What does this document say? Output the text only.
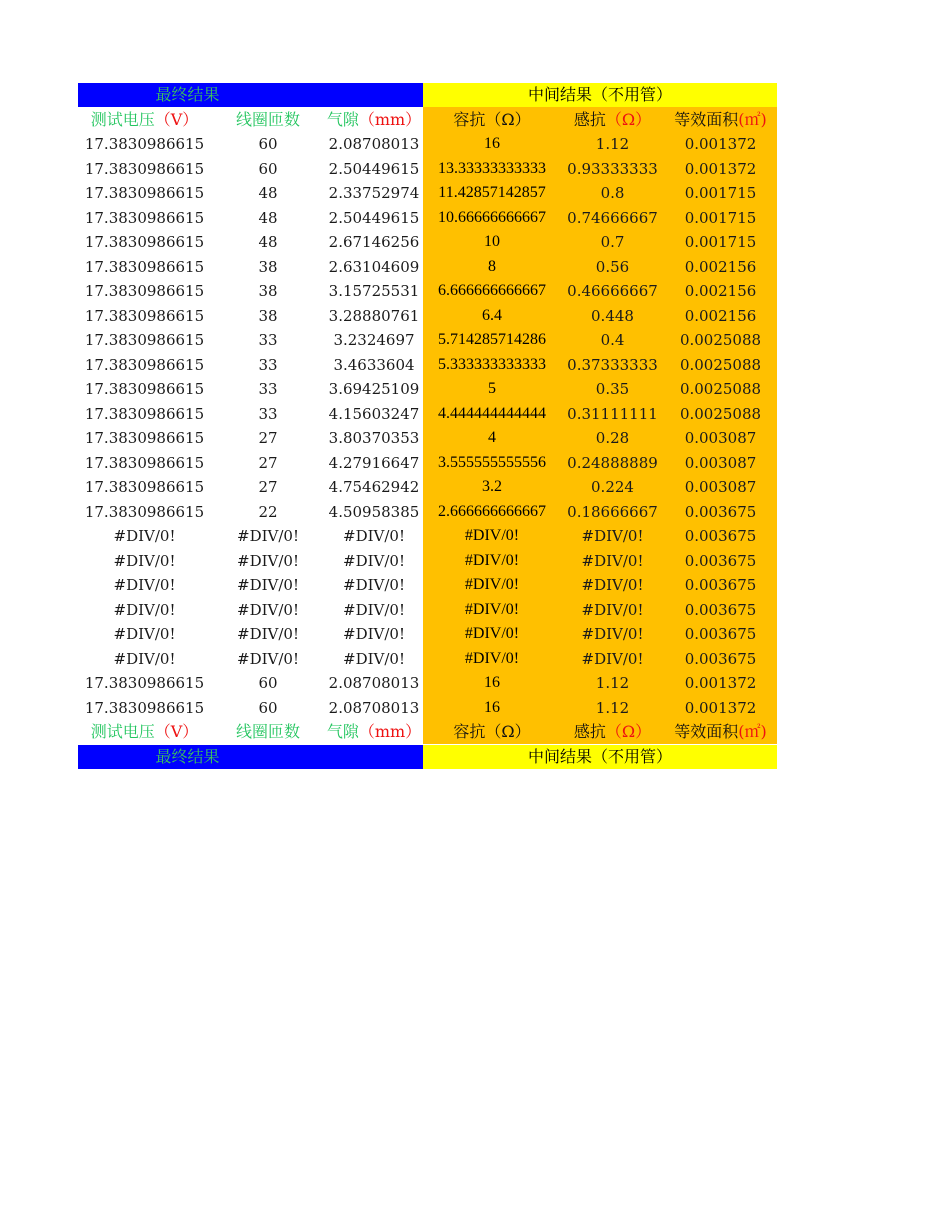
最终结果	中间结果（不用管）
测试电压（V）	线圈匝数	气隙（mm）	容抗（Ω）	感抗（Ω）	等效面积(㎡)
17.3830986615	60	2.08708013	16	1.12	0.001372
17.3830986615	60	2.50449615	13.33333333333	0.93333333	0.001372
17.3830986615	48	2.33752974	11.42857142857	0.8	0.001715
17.3830986615	48	2.50449615	10.66666666667	0.74666667	0.001715
17.3830986615	48	2.67146256	10	0.7	0.001715
17.3830986615	38	2.63104609	8	0.56	0.002156
17.3830986615	38	3.15725531	6.666666666667	0.46666667	0.002156
17.3830986615	38	3.28880761	6.4	0.448	0.002156
17.3830986615	33	3.2324697	5.714285714286	0.4	0.0025088
17.3830986615	33	3.4633604	5.333333333333	0.37333333	0.0025088
17.3830986615	33	3.69425109	5	0.35	0.0025088
17.3830986615	33	4.15603247	4.444444444444	0.31111111	0.0025088
17.3830986615	27	3.80370353	4	0.28	0.003087
17.3830986615	27	4.27916647	3.555555555556	0.24888889	0.003087
17.3830986615	27	4.75462942	3.2	0.224	0.003087
17.3830986615	22	4.50958385	2.666666666667	0.18666667	0.003675
#DIV/0!	#DIV/0!	#DIV/0!	#DIV/0!	#DIV/0!	0.003675
#DIV/0!	#DIV/0!	#DIV/0!	#DIV/0!	#DIV/0!	0.003675
#DIV/0!	#DIV/0!	#DIV/0!	#DIV/0!	#DIV/0!	0.003675
#DIV/0!	#DIV/0!	#DIV/0!	#DIV/0!	#DIV/0!	0.003675
#DIV/0!	#DIV/0!	#DIV/0!	#DIV/0!	#DIV/0!	0.003675
#DIV/0!	#DIV/0!	#DIV/0!	#DIV/0!	#DIV/0!	0.003675
17.3830986615	60	2.08708013	16	1.12	0.001372
17.3830986615	60	2.08708013	16	1.12	0.001372
测试电压（V）	线圈匝数	气隙（mm）	容抗（Ω）	感抗（Ω）	等效面积(㎡)
最终结果	中间结果（不用管）
